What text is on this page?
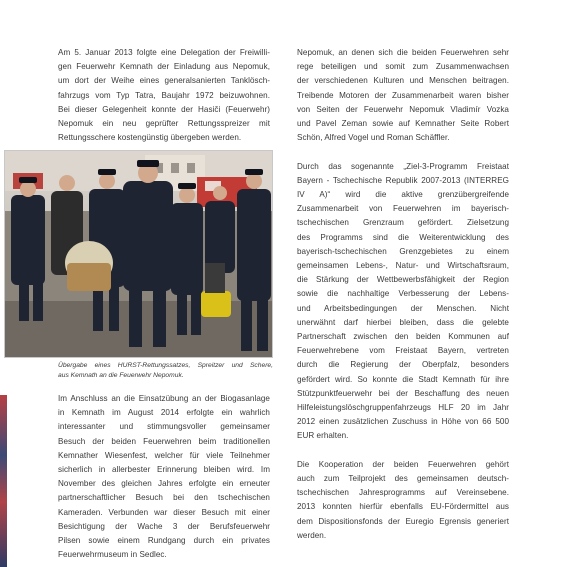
Am 5. Januar 2013 folgte eine Delegation der Freiwilli-
gen Feuerwehr Kemnath der Einladung aus Nepomuk,
um dort der Weihe eines generalsanierten Tanklösch-
fahrzugs vom Typ Tatra, Baujahr 1972 beizuwohnen.
Bei dieser Gelegenheit konnte der Hasiči (Feuerwehr)
Nepomuk ein neu geprüfter Rettungsspreizer mit
Rettungsschere kostengünstig übergeben werden.
Übergabe eines HURST-Rettungssatzes, Spreitzer und Schere,
aus Kemnath an die Feuerwehr Nepomuk.
Im Anschluss an die Einsatzübung an der Biogasanlage
in Kemnath im August 2014 erfolgte ein wahrlich
interessanter und stimmungsvoller gemeinsamer
Besuch der beiden Feuerwehren beim traditionellen
Kemnather Wiesenfest, welcher für viele Teilnehmer
sicherlich in allerbester Erinnerung bleiben wird. Im
November des gleichen Jahres erfolgte ein erneuter
partnerschaftlicher Besuch bei den tschechischen
Kameraden. Verbunden war dieser Besuch mit einer
Besichtigung der Wache 3 der Berufsfeuerwehr
Pilsen sowie einem Rundgang durch ein privates
Feuerwehrmuseum in Sedlec.
Nepomuk, an denen sich die beiden Feuerwehren sehr
rege beteiligen und somit zum Zusammenwachsen
der verschiedenen Kulturen und Menschen beitragen.
Treibende Motoren der Zusammenarbeit waren bisher
von Seiten der Feuerwehr Nepomuk Vladimír Vozka
und Pavel Zeman sowie auf Kemnather Seite Robert
Schön, Alfred Vogel und Roman Schäffler.
Durch das sogenannte „Ziel-3-Programm Freistaat
Bayern - Tschechische Republik 2007-2013 (INTERREG
IV A)“ wird die aktive grenzübergreifende
Zusammenarbeit von Feuerwehren im bayerisch-
tschechischen Grenzraum gefördert. Zielsetzung
des Programms sind die Weiterentwicklung des
bayerisch-tschechischen Grenzgebietes zu einem
gemeinsamen Lebens-, Natur- und Wirtschaftsraum,
die Stärkung der Wettbewerbsfähigkeit der Region
sowie die nachhaltige Verbesserung der Lebens-
und Arbeitsbedingungen der Menschen. Nicht
unerwähnt darf hierbei bleiben, dass die gelebte
Partnerschaft zwischen den beiden Kommunen auf
Feuerwehrebene vom Freistaat Bayern, vertreten
durch die Regierung der Oberpfalz, besonders
gefördert wird. So konnte die Stadt Kemnath für ihre
Stützpunktfeuerwehr bei der Beschaffung des neuen
Hilfeleistungslöschgruppenfahrzeugs HLF 20 im Jahr
2012 einen zusätzlichen Zuschuss in Höhe von 66 500
EUR erhalten.
Die Kooperation der beiden Feuerwehren gehört
auch zum Teilprojekt des gemeinsamen deutsch-
tschechischen Jahresprogramms auf Vereinsebene.
2013 konnten hierfür ebenfalls EU-Fördermittel aus
dem Dispositionsfonds der Euregio Egrensis generiert
werden.
